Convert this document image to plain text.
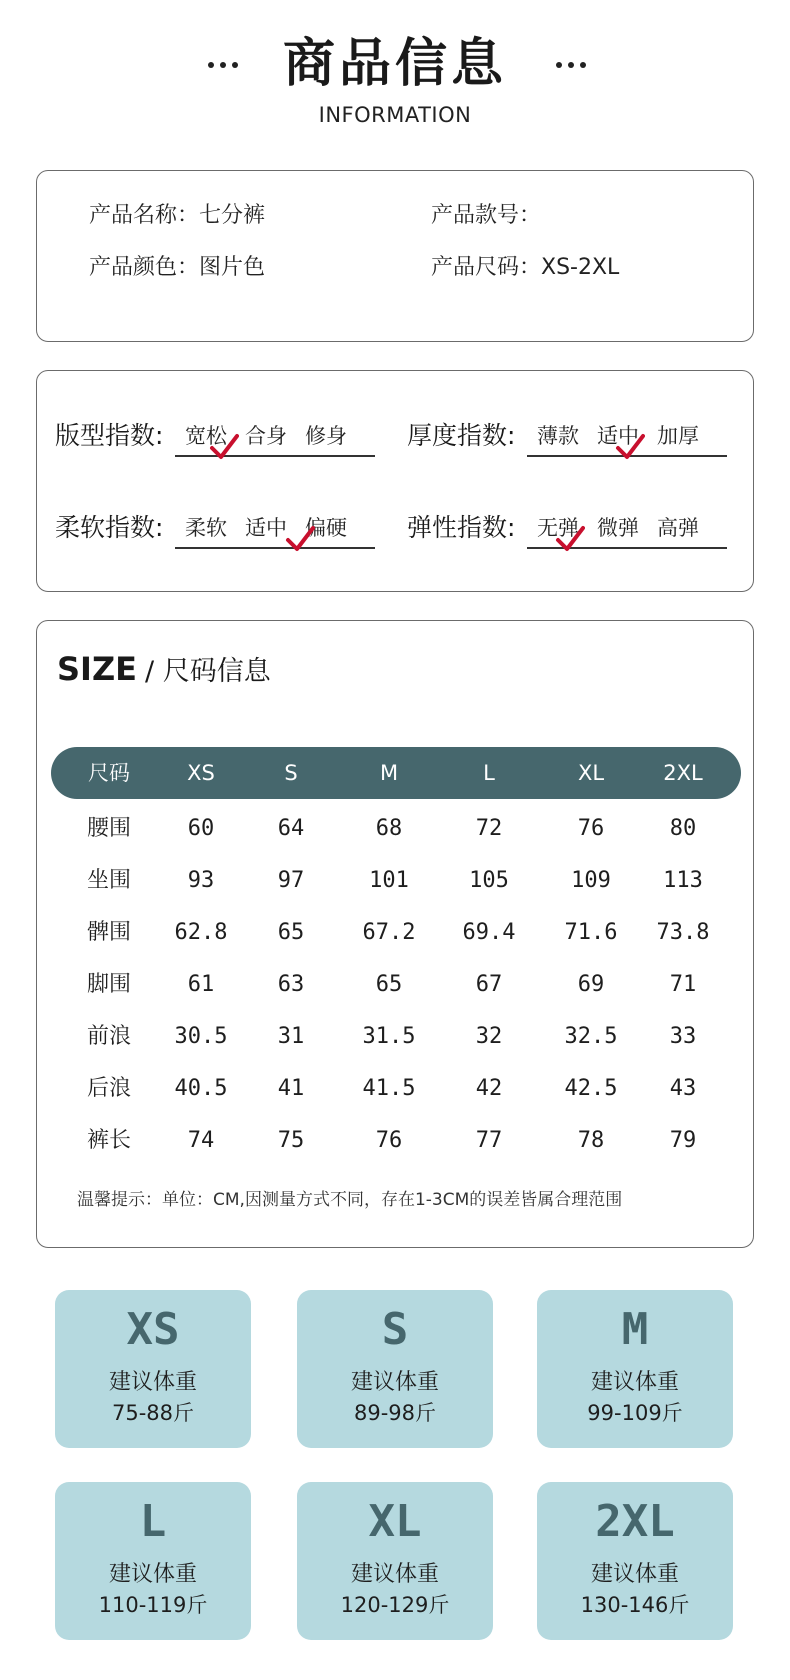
商品信息
INFORMATION
产品名称：七分裤	产品款号：
产品颜色：图片色	产品尺码：XS-2XL
版型指数: 宽松 合身 修身 厚度指数: 薄款 适中 加厚
柔软指数: 柔软 适中 偏硬 弹性指数: 无弹 微弹 高弹
SIZE / 尺码信息
尺码	XS	S	M	L	XL	2XL
腰围	60	64	68	72	76	80
坐围	93	97	101	105	109 113
髀围 62.8 65	67.2 69.4 71.6 73.8
脚围	61	63	65	67	69	71
前浪 30.5 31	31.5	32	32.5 33
后浪 40.5 41	41.5	42	42.5 43
裤长	74	75	76	77	78	79
温馨提示：单位：CM,因测量方式不同，存在1-3CM的误差皆属合理范围
XS
建议体重
75-88斤
S
建议体重
89-98斤
M
建议体重
99-109斤
L
建议体重
110-119斤
XL
建议体重
120-129斤
2XL
建议体重
130-146斤
